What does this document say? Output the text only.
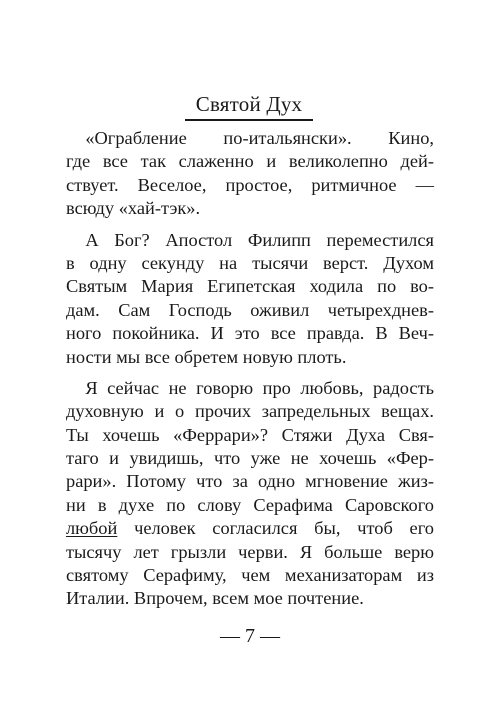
Святой Дух
«Ограбление по-итальянски». Кино,
где все так слаженно и великолепно дей-
ствует. Веселое, простое, ритмичное —
всюду «хай-тэк».
А Бог? Апостол Филипп переместился
в одну секунду на тысячи верст. Духом
Святым Мария Египетская ходила по во-
дам. Сам Господь оживил четырехднев-
ного покойника. И это все правда. В Веч-
ности мы все обретем новую плоть.
Я сейчас не говорю про любовь, радость
духовную и о прочих запредельных вещах.
Ты хочешь «Феррари»? Стяжи Духа Свя-
таго и увидишь, что уже не хочешь «Фер-
рари». Потому что за одно мгновение жиз-
ни в духе по слову Серафима Саровского
любой человек согласился бы, чтоб его
тысячу лет грызли черви. Я больше верю
святому Серафиму, чем механизаторам из
Италии. Впрочем, всем мое почтение.
— 7 —
